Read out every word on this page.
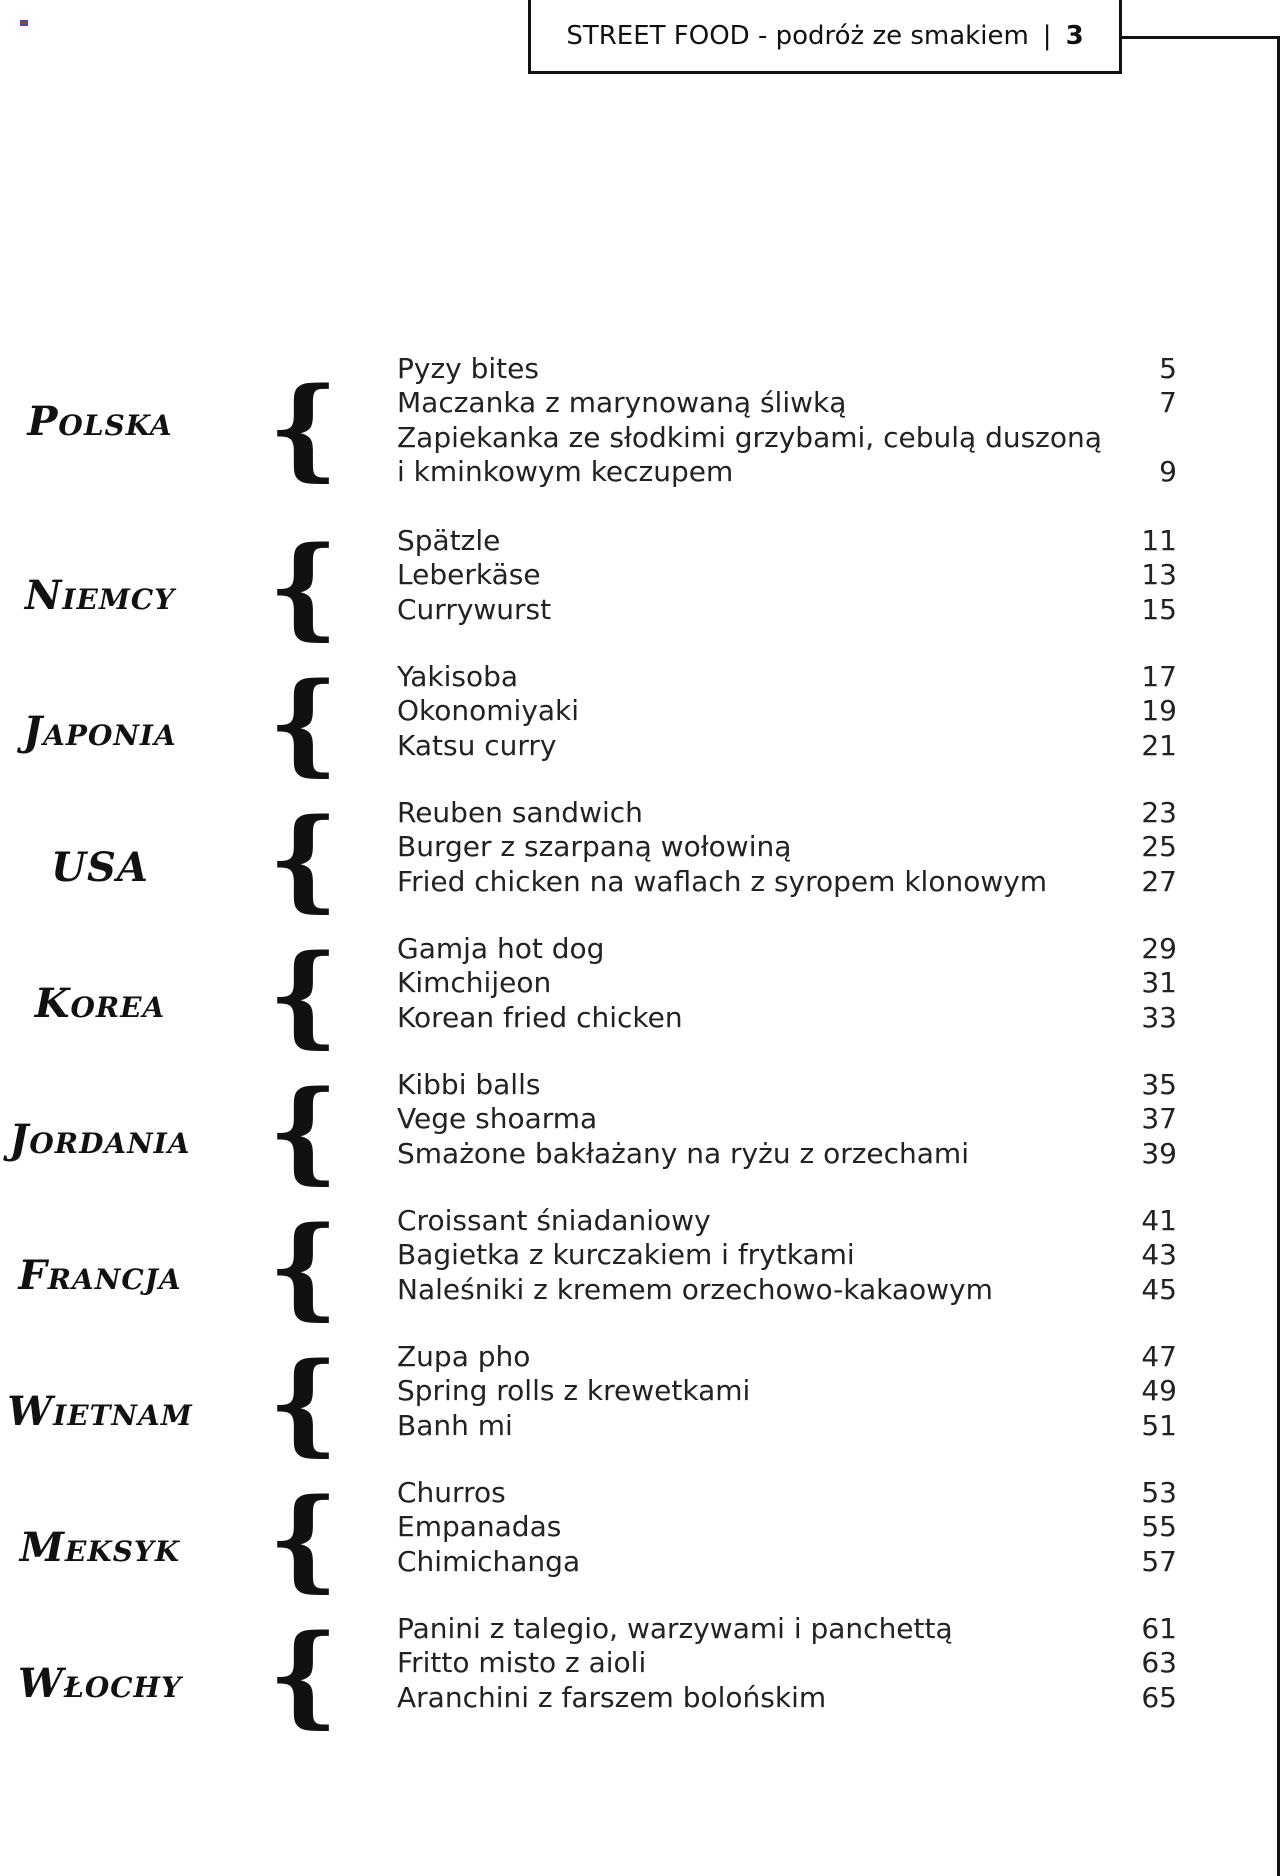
STREET FOOD - podróż ze smakiem | 3
Polska { Pyzy bites	5
Maczanka z marynowaną śliwką	7
Zapiekanka ze słodkimi grzybami, cebulą duszoną
i kminkowym keczupem	9
Niemcy { Spätzle	11
Leberkäse	13
Currywurst	15
Japonia { Yakisoba	17
Okonomiyaki	19
Katsu curry	21
USA	{ Reuben sandwich	23
Burger z szarpaną wołowiną	25
Fried chicken na waflach z syropem klonowym	27
Korea { Gamja hot dog	29
Kimchijeon	31
Korean fried chicken	33
Jordania { Kibbi balls	35
Vege shoarma	37
Smażone bakłażany na ryżu z orzechami	39
Francja { Croissant śniadaniowy	41
Bagietka z kurczakiem i frytkami	43
Naleśniki z kremem orzechowo-kakaowym	45
Wietnam { Zupa pho	47
Spring rolls z krewetkami	49
Banh mi	51
Meksyk { Churros	53
Empanadas	55
Chimichanga	57
Włochy { Panini z talegio, warzywami i panchettą	61
Fritto misto z aioli	63
Aranchini z farszem bolońskim	65
